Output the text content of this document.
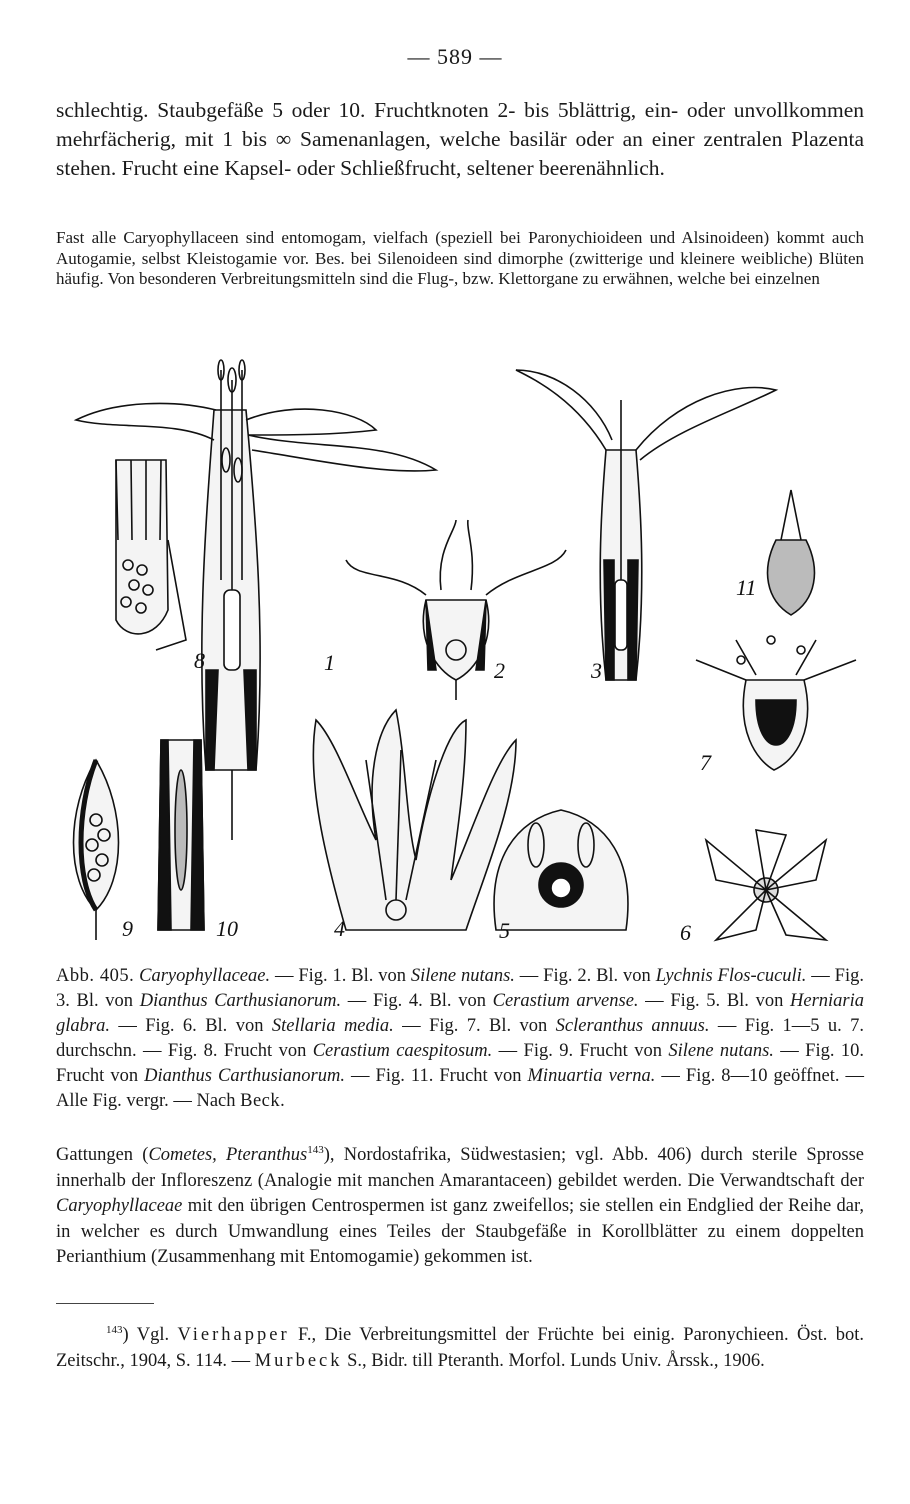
— 589 —

schlechtig. Staubgefäße 5 oder 10. Fruchtknoten 2- bis 5blättrig, ein- oder unvollkommen mehrfächerig, mit 1 bis ∞ Samenanlagen, welche basilär oder an einer zentralen Plazenta stehen. Frucht eine Kapsel- oder Schließfrucht, seltener beerenähnlich.

Fast alle Caryophyllaceen sind entomogam, vielfach (speziell bei Paronychioideen und Alsinoideen) kommt auch Autogamie, selbst Kleistogamie vor. Bes. bei Silenoideen sind dimorphe (zwitterige und kleinere weibliche) Blüten häufig. Von besonderen Verbreitungsmitteln sind die Flug-, bzw. Klettorgane zu erwähnen, welche bei einzelnen

1	2	3
4	5	6
7
8
9	10
11

Abb. 405. Caryophyllaceae. — Fig. 1. Bl. von Silene nutans. — Fig. 2. Bl. von Lychnis Flos-cuculi. — Fig. 3. Bl. von Dianthus Carthusianorum. — Fig. 4. Bl. von Cerastium arvense. — Fig. 5. Bl. von Herniaria glabra. — Fig. 6. Bl. von Stellaria media. — Fig. 7. Bl. von Scleranthus annuus. — Fig. 1—5 u. 7. durchschn. — Fig. 8. Frucht von Cerastium caespitosum. — Fig. 9. Frucht von Silene nutans. — Fig. 10. Frucht von Dianthus Carthusianorum. — Fig. 11. Frucht von Minuartia verna. — Fig. 8—10 geöffnet. — Alle Fig. vergr. — Nach Beck.

Gattungen (Cometes, Pteranthus$^{143}$), Nordostafrika, Südwestasien; vgl. Abb. 406) durch sterile Sprosse innerhalb der Infloreszenz (Analogie mit manchen Amarantaceen) gebildet werden. Die Verwandtschaft der Caryophyllaceae mit den übrigen Centrospermen ist ganz zweifellos; sie stellen ein Endglied der Reihe dar, in welcher es durch Umwandlung eines Teiles der Staubgefäße in Korollblätter zu einem doppelten Perianthium (Zusammenhang mit Entomogamie) gekommen ist.

$^{143}$) Vgl. Vierhapper F., Die Verbreitungsmittel der Früchte bei einig. Paronychieen. Öst. bot. Zeitschr., 1904, S. 114. — Murbeck S., Bidr. till Pteranth. Morfol. Lunds Univ. Årssk., 1906.
